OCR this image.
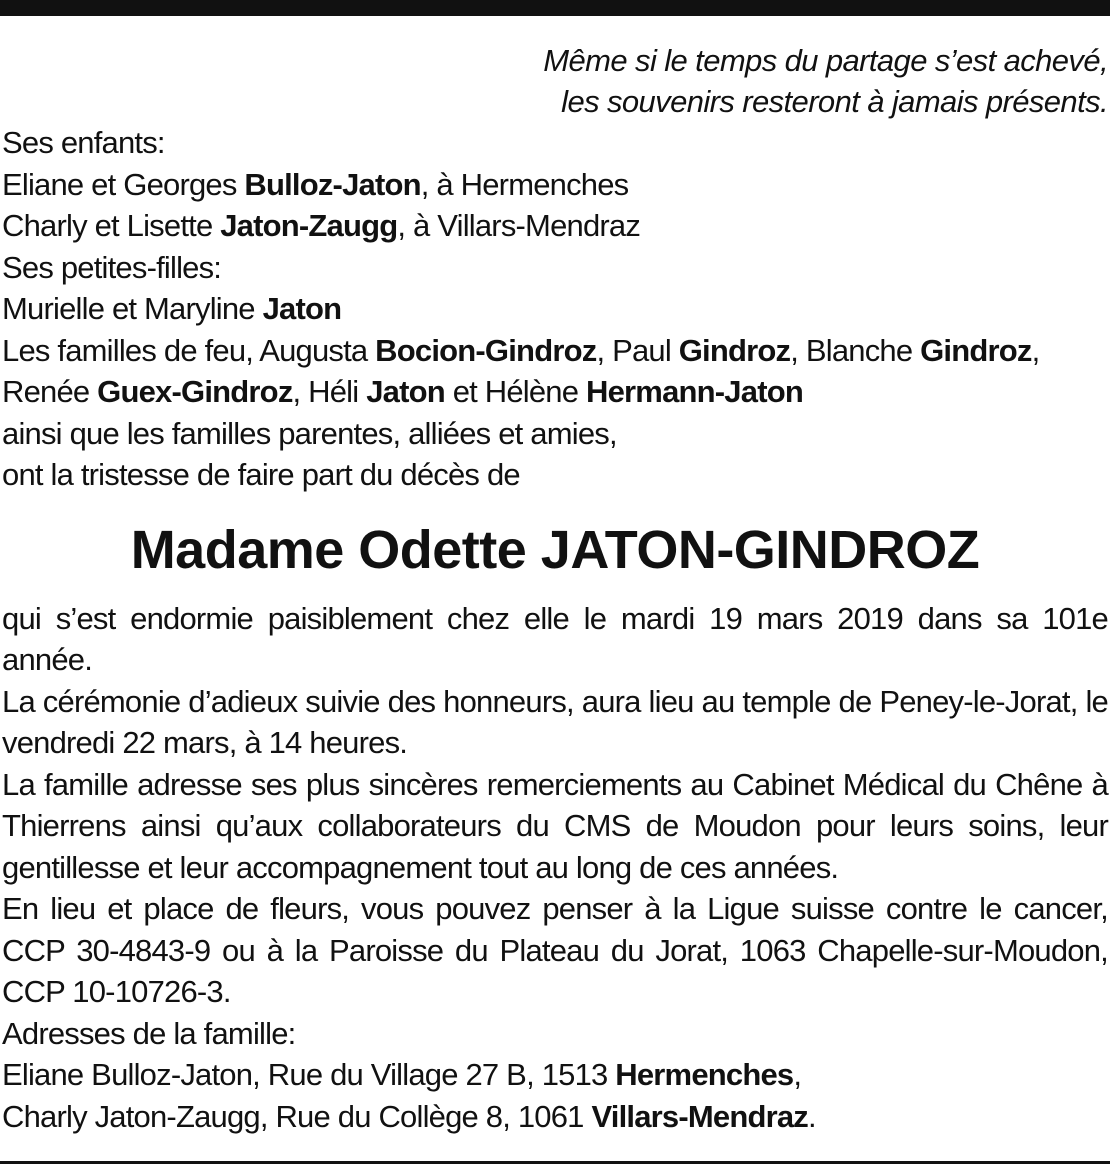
Même si le temps du partage s’est achevé,

les souvenirs resteront à jamais présents.

Ses enfants:

Eliane et Georges Bulloz-Jaton, à Hermenches

Charly et Lisette Jaton-Zaugg, à Villars-Mendraz

Ses petites-filles:

Murielle et Maryline Jaton

Les familles de feu, Augusta Bocion-Gindroz, Paul Gindroz, Blanche Gindroz,

Renée Guex-Gindroz, Héli Jaton et Hélène Hermann-Jaton

ainsi que les familles parentes, alliées et amies,

ont la tristesse de faire part du décès de

Madame Odette JATON-GINDROZ

qui s’est endormie paisiblement chez elle le mardi 19 mars 2019 dans sa 101e année.

La cérémonie d’adieux suivie des honneurs, aura lieu au temple de Peney-le-Jorat, le vendredi 22 mars, à 14 heures.

La famille adresse ses plus sincères remerciements au Cabinet Médical du Chêne à Thierrens ainsi qu’aux collaborateurs du CMS de Moudon pour leurs soins, leur gentillesse et leur accompagnement tout au long de ces années.

En lieu et place de fleurs, vous pouvez penser à la Ligue suisse contre le cancer, CCP 30-4843-9 ou à la Paroisse du Plateau du Jorat, 1063 Chapelle-sur-Moudon, CCP 10-10726-3.

Adresses de la famille:

Eliane Bulloz-Jaton, Rue du Village 27 B, 1513 Hermenches,

Charly Jaton-Zaugg, Rue du Collège 8, 1061 Villars-Mendraz.
